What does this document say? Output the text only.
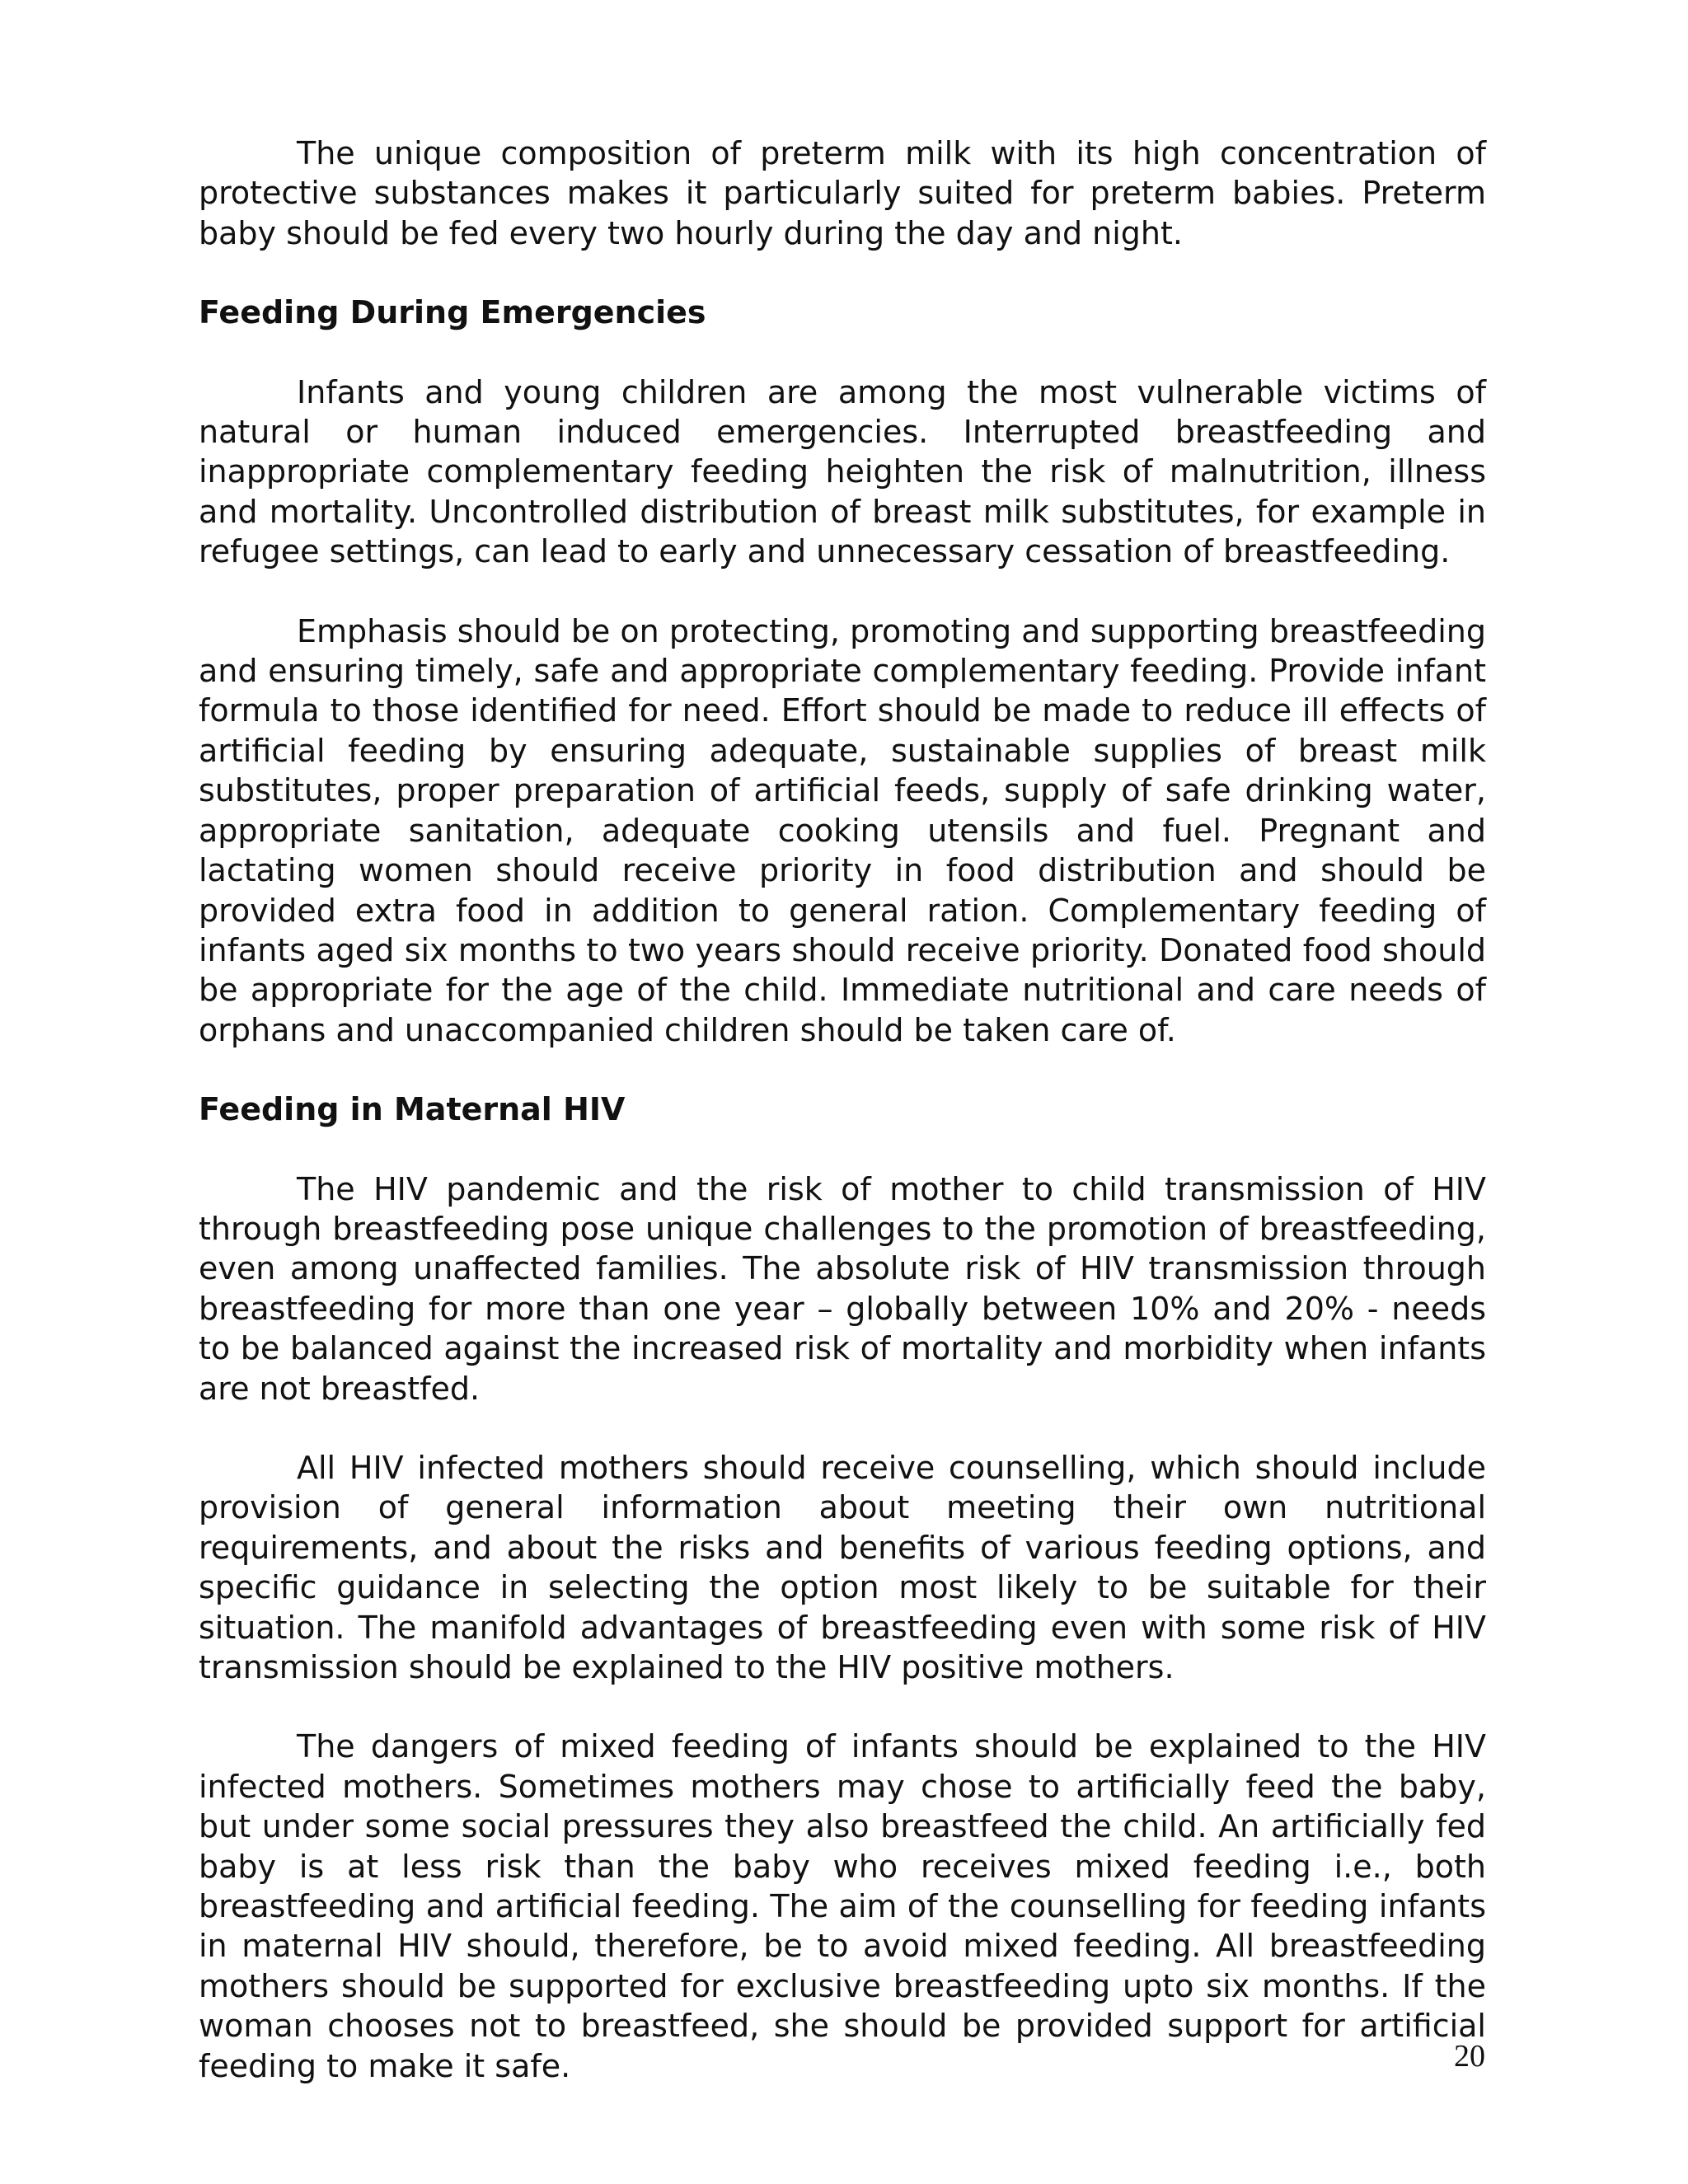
The unique composition of preterm milk with its high concentration of protective substances makes it particularly suited for preterm babies. Preterm baby should be fed every two hourly during the day and night.

Feeding During Emergencies

Infants and young children are among the most vulnerable victims of natural or human induced emergencies. Interrupted breastfeeding and inappropriate complementary feeding heighten the risk of malnutrition, illness and mortality. Uncontrolled distribution of breast milk substitutes, for example in refugee settings, can lead to early and unnecessary cessation of breastfeeding.

Emphasis should be on protecting, promoting and supporting breastfeeding and ensuring timely, safe and appropriate complementary feeding. Provide infant formula to those identified for need. Effort should be made to reduce ill effects of artificial feeding by ensuring adequate, sustainable supplies of breast milk substitutes, proper preparation of artificial feeds, supply of safe drinking water, appropriate sanitation, adequate cooking utensils and fuel. Pregnant and lactating women should receive priority in food distribution and should be provided extra food in addition to general ration. Complementary feeding of infants aged six months to two years should receive priority. Donated food should be appropriate for the age of the child. Immediate nutritional and care needs of orphans and unaccompanied children should be taken care of.

Feeding in Maternal HIV

The HIV pandemic and the risk of mother to child transmission of HIV through breastfeeding pose unique challenges to the promotion of breastfeeding, even among unaffected families. The absolute risk of HIV transmission through breastfeeding for more than one year – globally between 10% and 20% - needs to be balanced against the increased risk of mortality and morbidity when infants are not breastfed.

All HIV infected mothers should receive counselling, which should include provision of general information about meeting their own nutritional requirements, and about the risks and benefits of various feeding options, and specific guidance in selecting the option most likely to be suitable for their situation. The manifold advantages of breastfeeding even with some risk of HIV transmission should be explained to the HIV positive mothers.

The dangers of mixed feeding of infants should be explained to the HIV infected mothers. Sometimes mothers may chose to artificially feed the baby, but under some social pressures they also breastfeed the child. An artificially fed baby is at less risk than the baby who receives mixed feeding i.e., both breastfeeding and artificial feeding. The aim of the counselling for feeding infants in maternal HIV should, therefore, be to avoid mixed feeding. All breastfeeding mothers should be supported for exclusive breastfeeding upto six months. If the woman chooses not to breastfeed, she should be provided support for artificial feeding to make it safe.	20
